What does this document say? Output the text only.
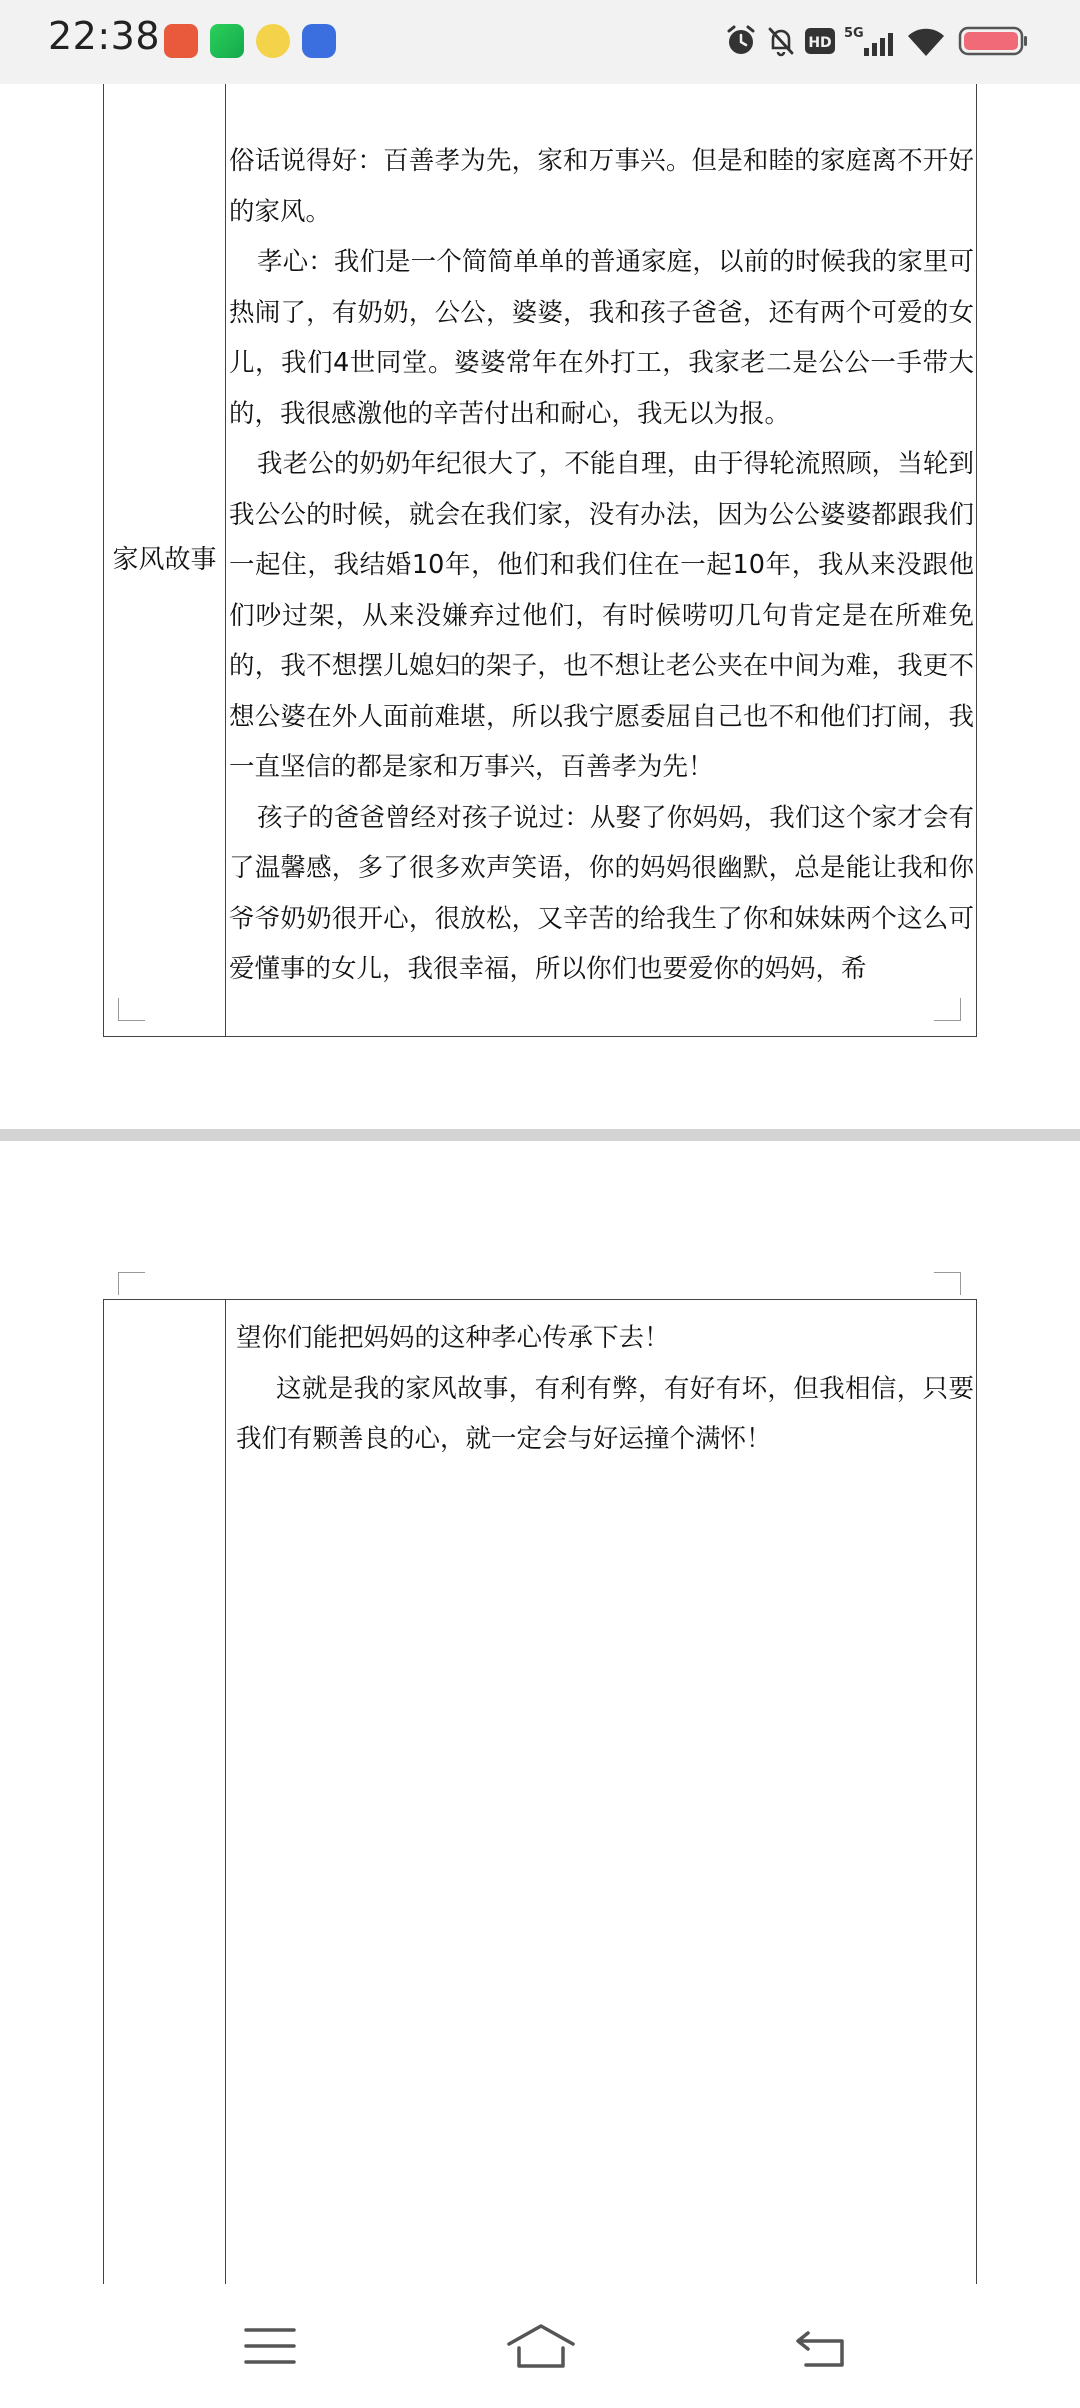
22:38	HD
5G
家风故事

俗话说得好：百善孝为先，家和万事兴。但是和睦的家庭离不开好的家风。

孝心：我们是一个简简单单的普通家庭，以前的时候我的家里可热闹了，有奶奶，公公，婆婆，我和孩子爸爸，还有两个可爱的女儿，我们4世同堂。婆婆常年在外打工，我家老二是公公一手带大的，我很感激他的辛苦付出和耐心，我无以为报。

我老公的奶奶年纪很大了，不能自理，由于得轮流照顾，当轮到我公公的时候，就会在我们家，没有办法，因为公公婆婆都跟我们一起住，我结婚10年，他们和我们住在一起10年，我从来没跟他们吵过架，从来没嫌弃过他们，有时候唠叨几句肯定是在所难免的，我不想摆儿媳妇的架子，也不想让老公夹在中间为难，我更不想公婆在外人面前难堪，所以我宁愿委屈自己也不和他们打闹，我一直坚信的都是家和万事兴，百善孝为先！

孩子的爸爸曾经对孩子说过：从娶了你妈妈，我们这个家才会有了温馨感，多了很多欢声笑语，你的妈妈很幽默，总是能让我和你爷爷奶奶很开心，很放松，又辛苦的给我生了你和妹妹两个这么可爱懂事的女儿，我很幸福，所以你们也要爱你的妈妈，希

望你们能把妈妈的这种孝心传承下去！

这就是我的家风故事，有利有弊，有好有坏，但我相信，只要我们有颗善良的心，就一定会与好运撞个满怀！
